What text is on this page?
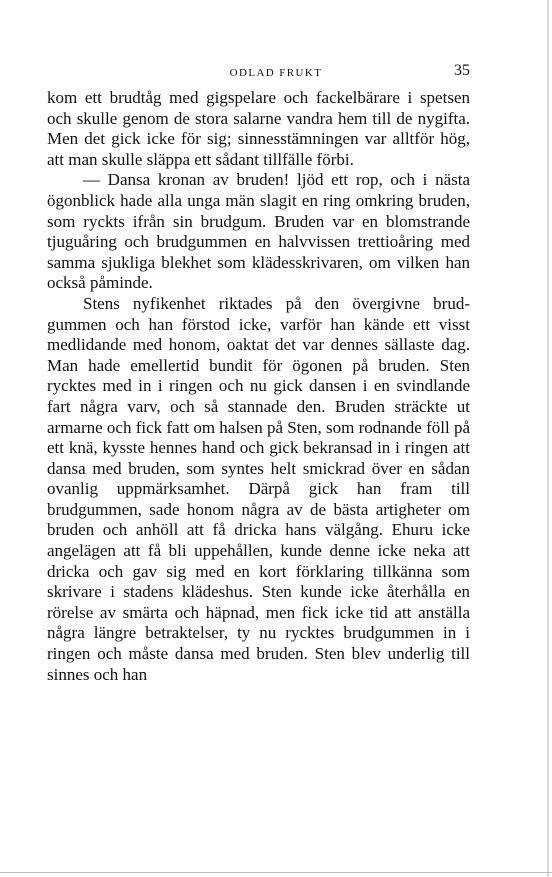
ODLAD FRUKT	35

kom ett brudtåg med gigspelare och fackelbärare i spetsen och skulle genom de stora salarne vandra hem till de nygifta. Men det gick icke för sig; sinnesstämningen var alltför hög, att man skulle släppa ett sådant tillfälle förbi.

— Dansa kronan av bruden! ljöd ett rop, och i nästa ögonblick hade alla unga män slagit en ring omkring bruden, som ryckts ifrån sin brudgum. Bruden var en blomstrande tjuguåring och brudgummen en halvvissen trettioåring med samma sjukliga blekhet som klädesskrivaren, om vilken han också påminde.

Stens nyfikenhet riktades på den övergivne brudgummen och han förstod icke, varför han kände ett visst medlidande med honom, oaktat det var dennes sällaste dag. Man hade emellertid bundit för ögonen på bruden. Sten rycktes med in i ringen och nu gick dansen i en svindlande fart några varv, och så stannade den. Bruden sträckte ut armarne och fick fatt om halsen på Sten, som rodnande föll på ett knä, kysste hennes hand och gick bekransad in i ringen att dansa med bruden, som syntes helt smickrad över en sådan ovanlig uppmärksamhet. Därpå gick han fram till brudgummen, sade honom några av de bästa artigheter om bruden och anhöll att få dricka hans välgång. Ehuru icke angelägen att få bli uppehållen, kunde denne icke neka att dricka och gav sig med en kort förklaring tillkänna som skrivare i stadens klädeshus. Sten kunde icke återhålla en rörelse av smärta och häpnad, men fick icke tid att anställa några längre betraktelser, ty nu rycktes brudgummen in i ringen och måste dansa med bruden. Sten blev underlig till sinnes och han
